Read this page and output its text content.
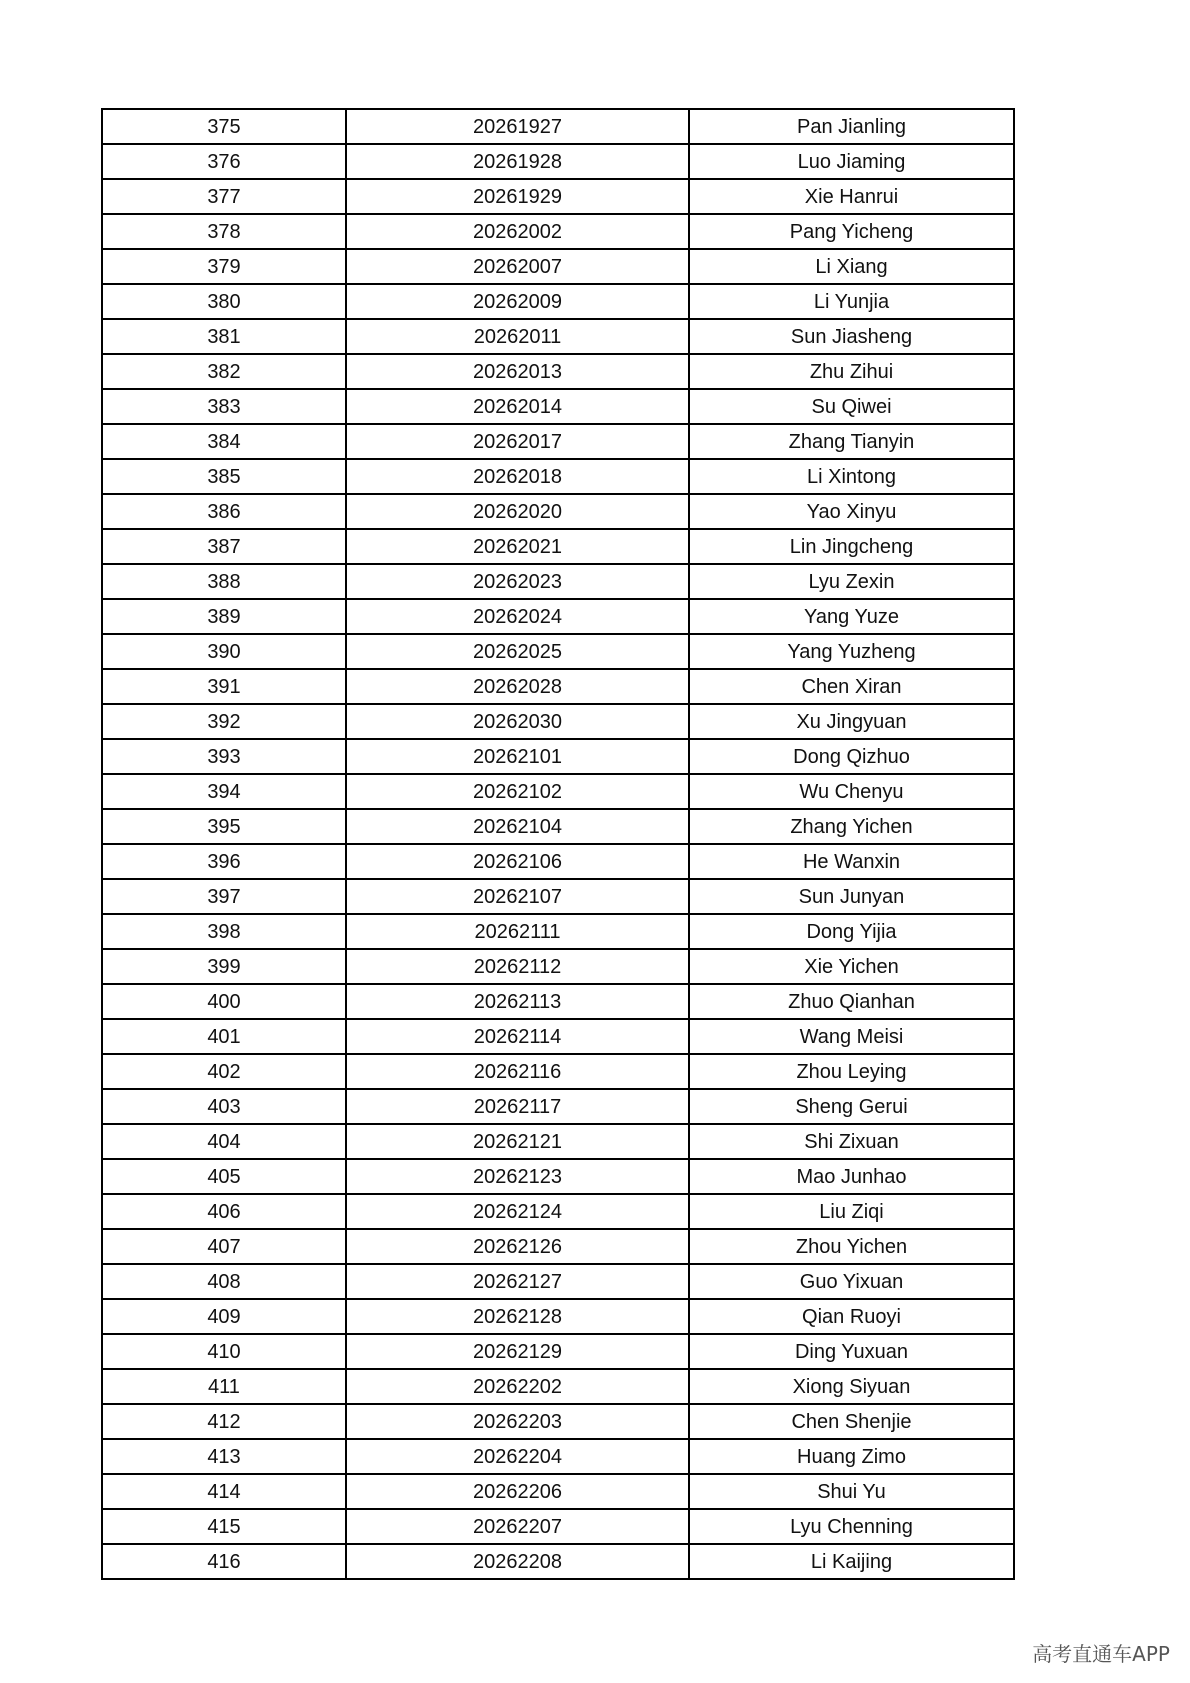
375	20261927	Pan Jianling
376	20261928	Luo Jiaming
377	20261929	Xie Hanrui
378	20262002	Pang Yicheng
379	20262007	Li Xiang
380	20262009	Li Yunjia
381	20262011	Sun Jiasheng
382	20262013	Zhu Zihui
383	20262014	Su Qiwei
384	20262017	Zhang Tianyin
385	20262018	Li Xintong
386	20262020	Yao Xinyu
387	20262021	Lin Jingcheng
388	20262023	Lyu Zexin
389	20262024	Yang Yuze
390	20262025	Yang Yuzheng
391	20262028	Chen Xiran
392	20262030	Xu Jingyuan
393	20262101	Dong Qizhuo
394	20262102	Wu Chenyu
395	20262104	Zhang Yichen
396	20262106	He Wanxin
397	20262107	Sun Junyan
398	20262111	Dong Yijia
399	20262112	Xie Yichen
400	20262113	Zhuo Qianhan
401	20262114	Wang Meisi
402	20262116	Zhou Leying
403	20262117	Sheng Gerui
404	20262121	Shi Zixuan
405	20262123	Mao Junhao
406	20262124	Liu Ziqi
407	20262126	Zhou Yichen
408	20262127	Guo Yixuan
409	20262128	Qian Ruoyi
410	20262129	Ding Yuxuan
411	20262202	Xiong Siyuan
412	20262203	Chen Shenjie
413	20262204	Huang Zimo
414	20262206	Shui Yu
415	20262207	Lyu Chenning
416	20262208	Li Kaijing
高考直通车APP
